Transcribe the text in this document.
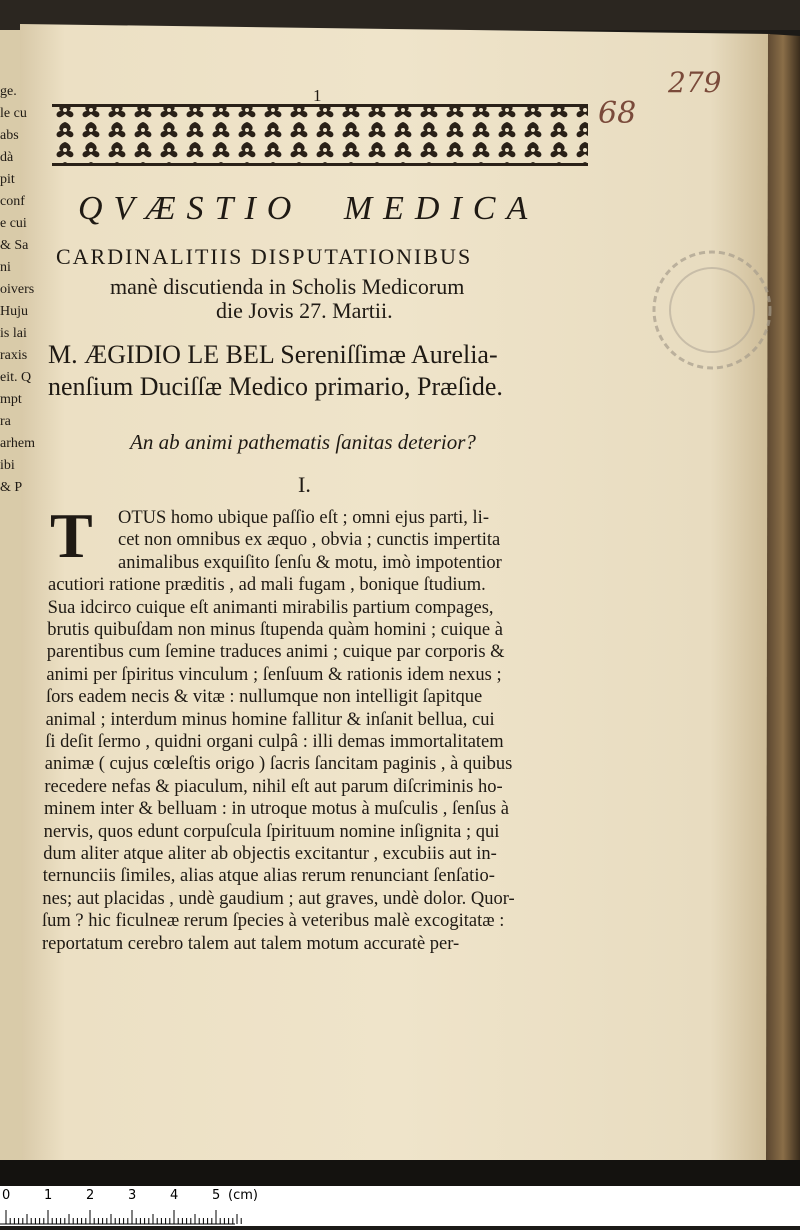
279
68
1
QVÆSTIO MEDICA
CARDINALITIIS DISPUTATIONIBUS
manè discutienda in Scholis Medicorum
die Jovis 27. Martii.
M. ÆGIDIO LE BEL Sereniſſimæ Aurelia-
nenſium Duciſſæ Medico primario, Præſide.
An ab animi pathematis ſanitas deterior?
I.
T OTUS homo ubique paſſio eſt ; omni ejus parti, li-
cet non omnibus ex æquo , obvia ; cunctis impertita
animalibus exquiſito ſenſu & motu, imò impotentior
acutiori ratione præditis , ad mali fugam , bonique ſtudium.
Sua idcirco cuique eſt animanti mirabilis partium compages,
brutis quibuſdam non minus ſtupenda quàm homini ; cuique à
parentibus cum ſemine traduces animi ; cuique par corporis &
animi per ſpiritus vinculum ; ſenſuum & rationis idem nexus ;
ſors eadem necis & vitæ : nullumque non intelligit ſapitque
animal ; interdum minus homine fallitur & inſanit bellua, cui
ſi deſit ſermo , quidni organi culpâ : illi demas immortalitatem
animæ ( cujus cœleſtis origo ) ſacris ſancitam paginis , à quibus
recedere nefas & piaculum, nihil eſt aut parum diſcriminis ho-
minem inter & belluam : in utroque motus à muſculis , ſenſus à
nervis, quos edunt corpuſcula ſpirituum nomine inſignita ; qui
dum aliter atque aliter ab objectis excitantur , excubiis aut in-
ternunciis ſimiles, alias atque alias rerum renunciant ſenſatio-
nes; aut placidas , undè gaudium ; aut graves, undè dolor. Quor-
ſum ? hic ficulneæ rerum ſpecies à veteribus malè excogitatæ :
reportatum cerebro talem aut talem motum accuratè per-
ge.
le cu
abs
dà
pit
conf
e cui
& Sa
ni
oivers
Huju
is lai
raxis
eit. Q
mpt
ra
arhem
ibi
& P
0	1	2	3	4	5 (cm)
